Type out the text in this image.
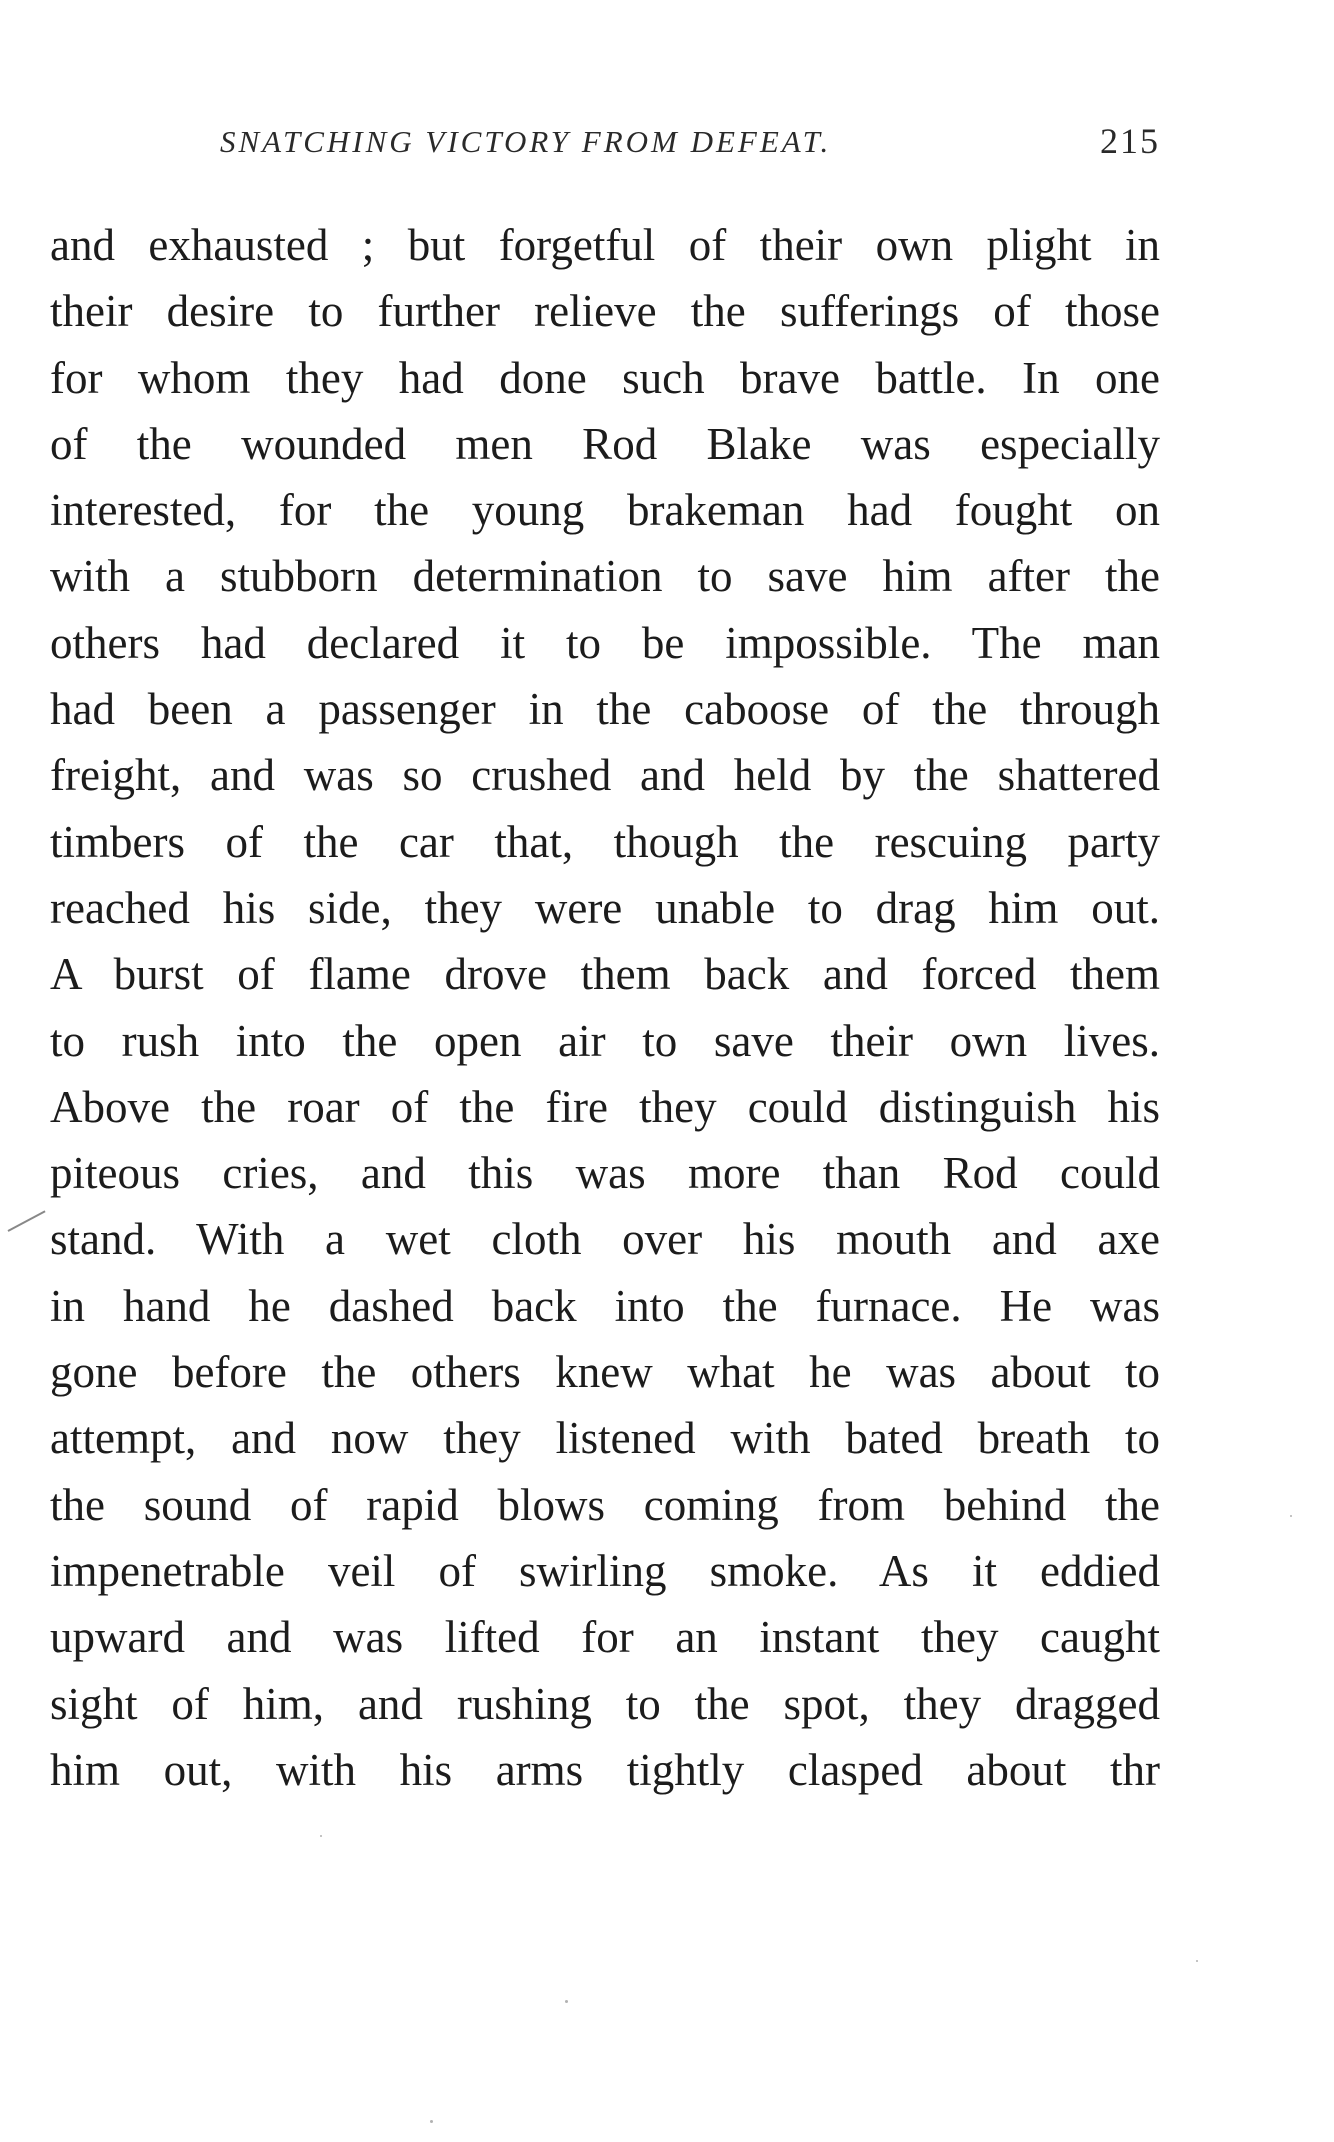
SNATCHING VICTORY FROM DEFEAT.	215
and exhausted ; but forgetful of their own plight in
their desire to further relieve the sufferings of those
for whom they had done such brave battle. In one
of the wounded men Rod Blake was especially
interested, for the young brakeman had fought on
with a stubborn determination to save him after the
others had declared it to be impossible. The man
had been a passenger in the caboose of the through
freight, and was so crushed and held by the shattered
timbers of the car that, though the rescuing party
reached his side, they were unable to drag him out.
A burst of flame drove them back and forced them
to rush into the open air to save their own lives.
Above the roar of the fire they could distinguish his
piteous cries, and this was more than Rod could
stand. With a wet cloth over his mouth and axe
in hand he dashed back into the furnace. He was
gone before the others knew what he was about to
attempt, and now they listened with bated breath to
the sound of rapid blows coming from behind the
impenetrable veil of swirling smoke. As it eddied
upward and was lifted for an instant they caught
sight of him, and rushing to the spot, they dragged
him out, with his arms tightly clasped about thr
